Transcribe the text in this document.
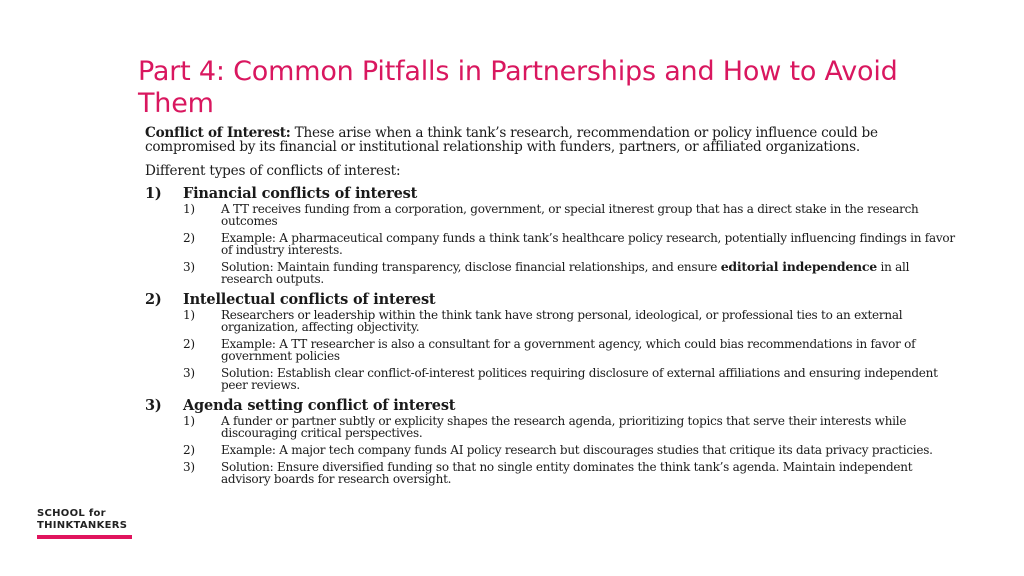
Part 4: Common Pitfalls in Partnerships and How to Avoid Them

Conflict of Interest: These arise when a think tank’s research, recommendation or policy influence could be compromised by its financial or institutional relationship with funders, partners, or affiliated organizations.

Different types of conflicts of interest:

1) Financial conflicts of interest
1) A TT receives funding from a corporation, government, or special itnerest group that has a direct stake in the research outcomes
2) Example: A pharmaceutical company funds a think tank’s healthcare policy research, potentially influencing findings in favor of industry interests.
3) Solution: Maintain funding transparency, disclose financial relationships, and ensure editorial independence in all research outputs.
2) Intellectual conflicts of interest
1) Researchers or leadership within the think tank have strong personal, ideological, or professional ties to an external organization, affecting objectivity.
2) Example: A TT researcher is also a consultant for a government agency, which could bias recommendations in favor of government policies
3) Solution: Establish clear conflict-of-interest politices requiring disclosure of external affiliations and ensuring independent peer reviews.
3) Agenda setting conflict of interest
1) A funder or partner subtly or explicity shapes the research agenda, prioritizing topics that serve their interests while discouraging critical perspectives.
2) Example: A major tech company funds AI policy research but discourages studies that critique its data privacy practicies.
3) Solution: Ensure diversified funding so that no single entity dominates the think tank’s agenda. Maintain independent advisory boards for research oversight.
SCHOOL for
THINKTANKERS
